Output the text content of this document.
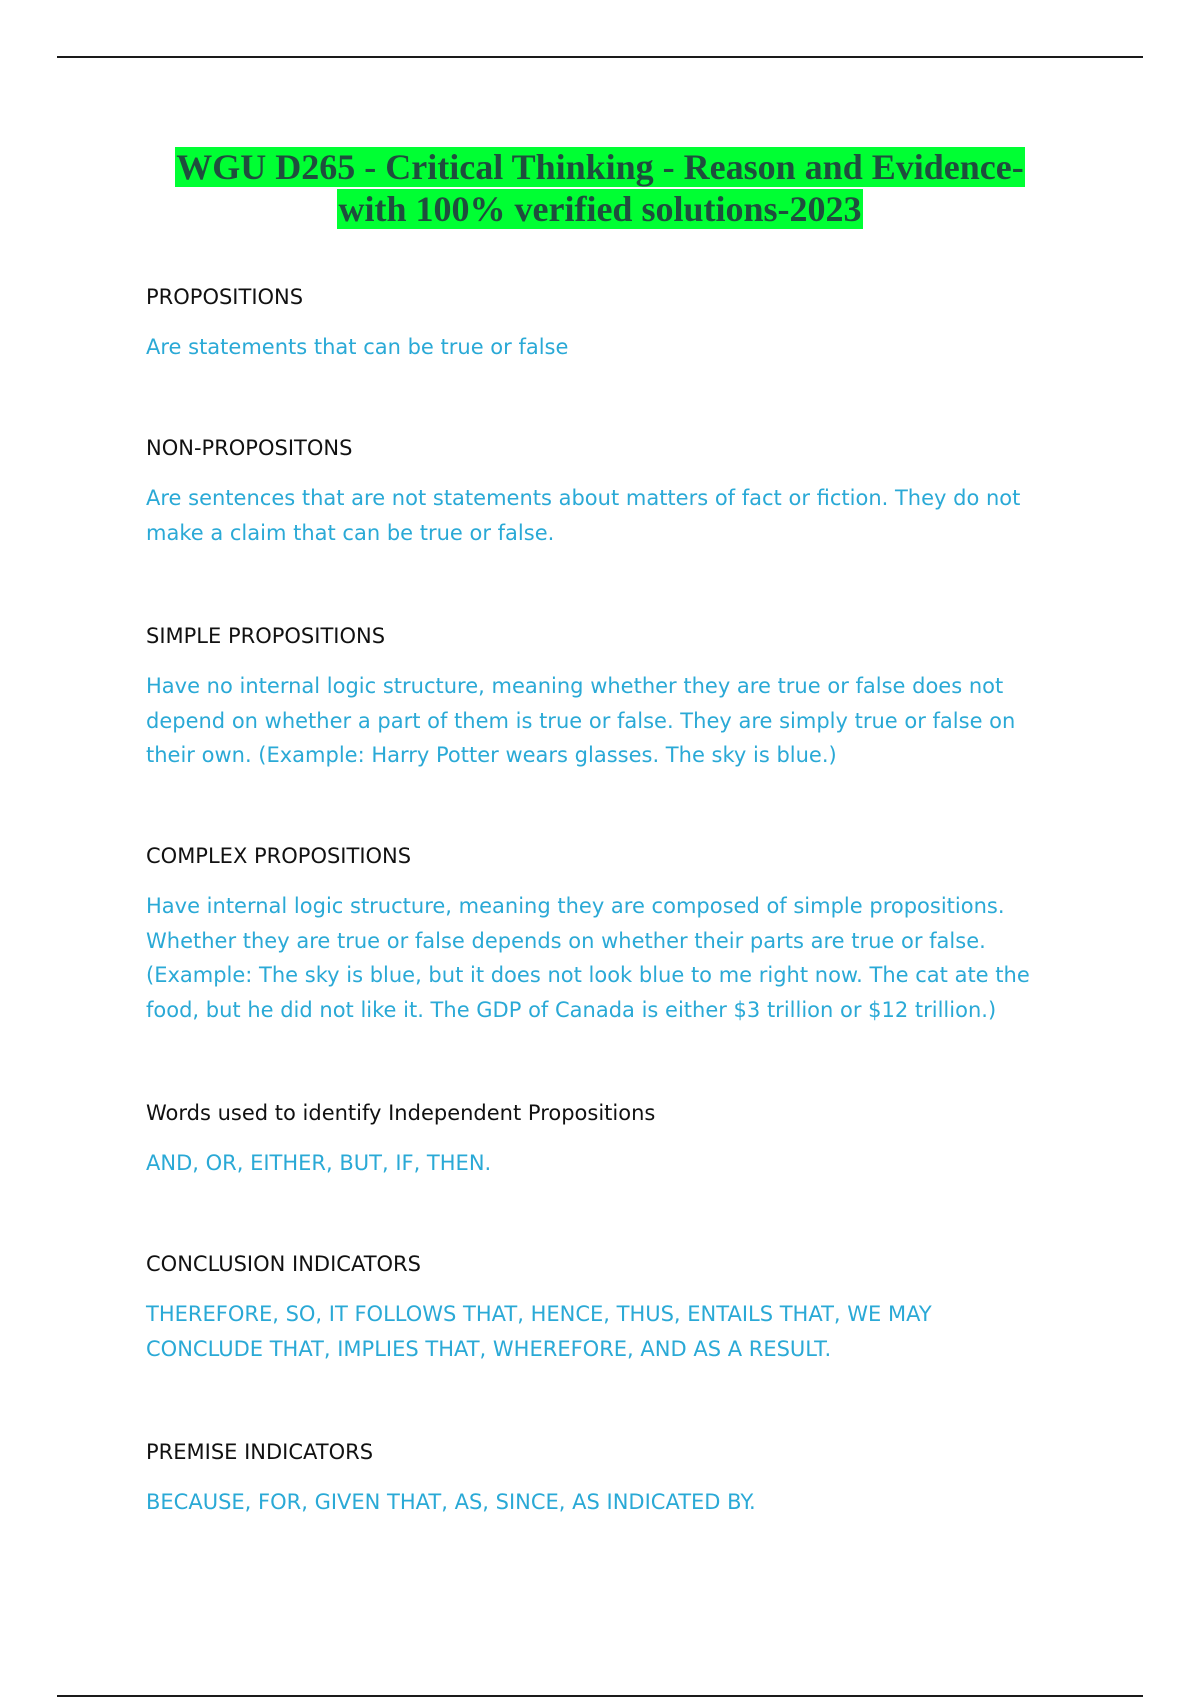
WGU D265 - Critical Thinking - Reason and Evidence-
with 100% verified solutions-2023

PROPOSITIONS

Are statements that can be true or false

NON-PROPOSITONS

Are sentences that are not statements about matters of fact or fiction. They do not make a claim that can be true or false.

SIMPLE PROPOSITIONS

Have no internal logic structure, meaning whether they are true or false does not depend on whether a part of them is true or false. They are simply true or false on their own. (Example: Harry Potter wears glasses. The sky is blue.)

COMPLEX PROPOSITIONS

Have internal logic structure, meaning they are composed of simple propositions. Whether they are true or false depends on whether their parts are true or false. (Example: The sky is blue, but it does not look blue to me right now. The cat ate the food, but he did not like it. The GDP of Canada is either $3 trillion or $12 trillion.)

Words used to identify Independent Propositions

AND, OR, EITHER, BUT, IF, THEN.

CONCLUSION INDICATORS

THEREFORE, SO, IT FOLLOWS THAT, HENCE, THUS, ENTAILS THAT, WE MAY CONCLUDE THAT, IMPLIES THAT, WHEREFORE, AND AS A RESULT.

PREMISE INDICATORS

BECAUSE, FOR, GIVEN THAT, AS, SINCE, AS INDICATED BY.
